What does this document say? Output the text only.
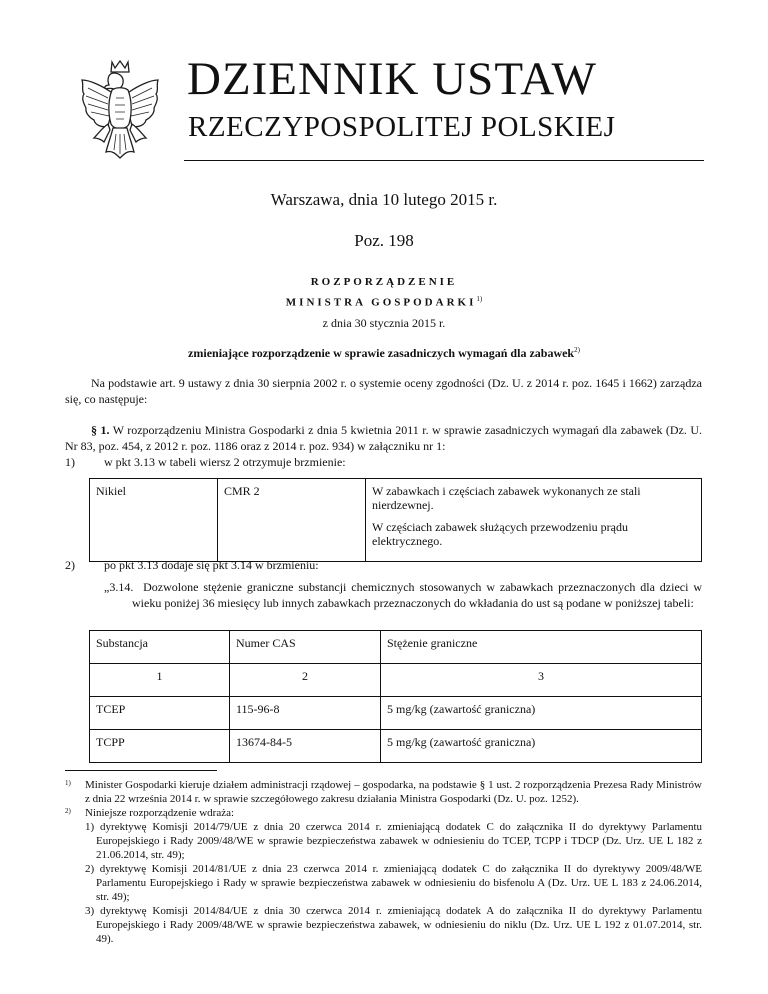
DZIENNIK USTAW
RZECZYPOSPOLITEJ POLSKIEJ
Warszawa, dnia 10 lutego 2015 r.
Poz. 198
ROZPORZĄDZENIE
MINISTRA GOSPODARKI$^{1)}$
z dnia 30 stycznia 2015 r.
zmieniające rozporządzenie w sprawie zasadniczych wymagań dla zabawek$^{2)}$
Na podstawie art. 9 ustawy z dnia 30 sierpnia 2002 r. o systemie oceny zgodności (Dz. U. z 2014 r. poz. 1645 i 1662) zarządza się, co następuje:
§ 1. W rozporządzeniu Ministra Gospodarki z dnia 5 kwietnia 2011 r. w sprawie zasadniczych wymagań dla zabawek (Dz. U. Nr 83, poz. 454, z 2012 r. poz. 1186 oraz z 2014 r. poz. 934) w załączniku nr 1:
1) w pkt 3.13 w tabeli wiersz 2 otrzymuje brzmienie:
Nikiel	CMR 2	W zabawkach i częściach zabawek wykonanych ze stali nierdzewnej.

W częściach zabawek służących przewodzeniu prądu elektrycznego.

2) po pkt 3.13 dodaje się pkt 3.14 w brzmieniu:
„3.14. Dozwolone stężenie graniczne substancji chemicznych stosowanych w zabawkach przeznaczonych dla dzieci w wieku poniżej 36 miesięcy lub innych zabawkach przeznaczonych do wkładania do ust są podane w poniższej tabeli:
Substancja	Numer CAS	Stężenie graniczne
1	2	3
TCEP	115-96-8	5 mg/kg (zawartość graniczna)
TCPP	13674-84-5	5 mg/kg (zawartość graniczna)
1) Minister Gospodarki kieruje działem administracji rządowej – gospodarka, na podstawie § 1 ust. 2 rozporządzenia Prezesa Rady Ministrów z dnia 22 września 2014 r. w sprawie szczegółowego zakresu działania Ministra Gospodarki (Dz. U. poz. 1252).
2) Niniejsze rozporządzenie wdraża:
1) dyrektywę Komisji 2014/79/UE z dnia 20 czerwca 2014 r. zmieniającą dodatek C do załącznika II do dyrektywy Parlamentu Europejskiego i Rady 2009/48/WE w sprawie bezpieczeństwa zabawek w odniesieniu do TCEP, TCPP i TDCP (Dz. Urz. UE L 182 z 21.06.2014, str. 49);
2) dyrektywę Komisji 2014/81/UE z dnia 23 czerwca 2014 r. zmieniającą dodatek C do załącznika II do dyrektywy 2009/48/WE Parlamentu Europejskiego i Rady w sprawie bezpieczeństwa zabawek w odniesieniu do bisfenolu A (Dz. Urz. UE L 183 z 24.06.2014, str. 49);
3) dyrektywę Komisji 2014/84/UE z dnia 30 czerwca 2014 r. zmieniającą dodatek A do załącznika II do dyrektywy Parlamentu Europejskiego i Rady 2009/48/WE w sprawie bezpieczeństwa zabawek, w odniesieniu do niklu (Dz. Urz. UE L 192 z 01.07.2014, str. 49).
